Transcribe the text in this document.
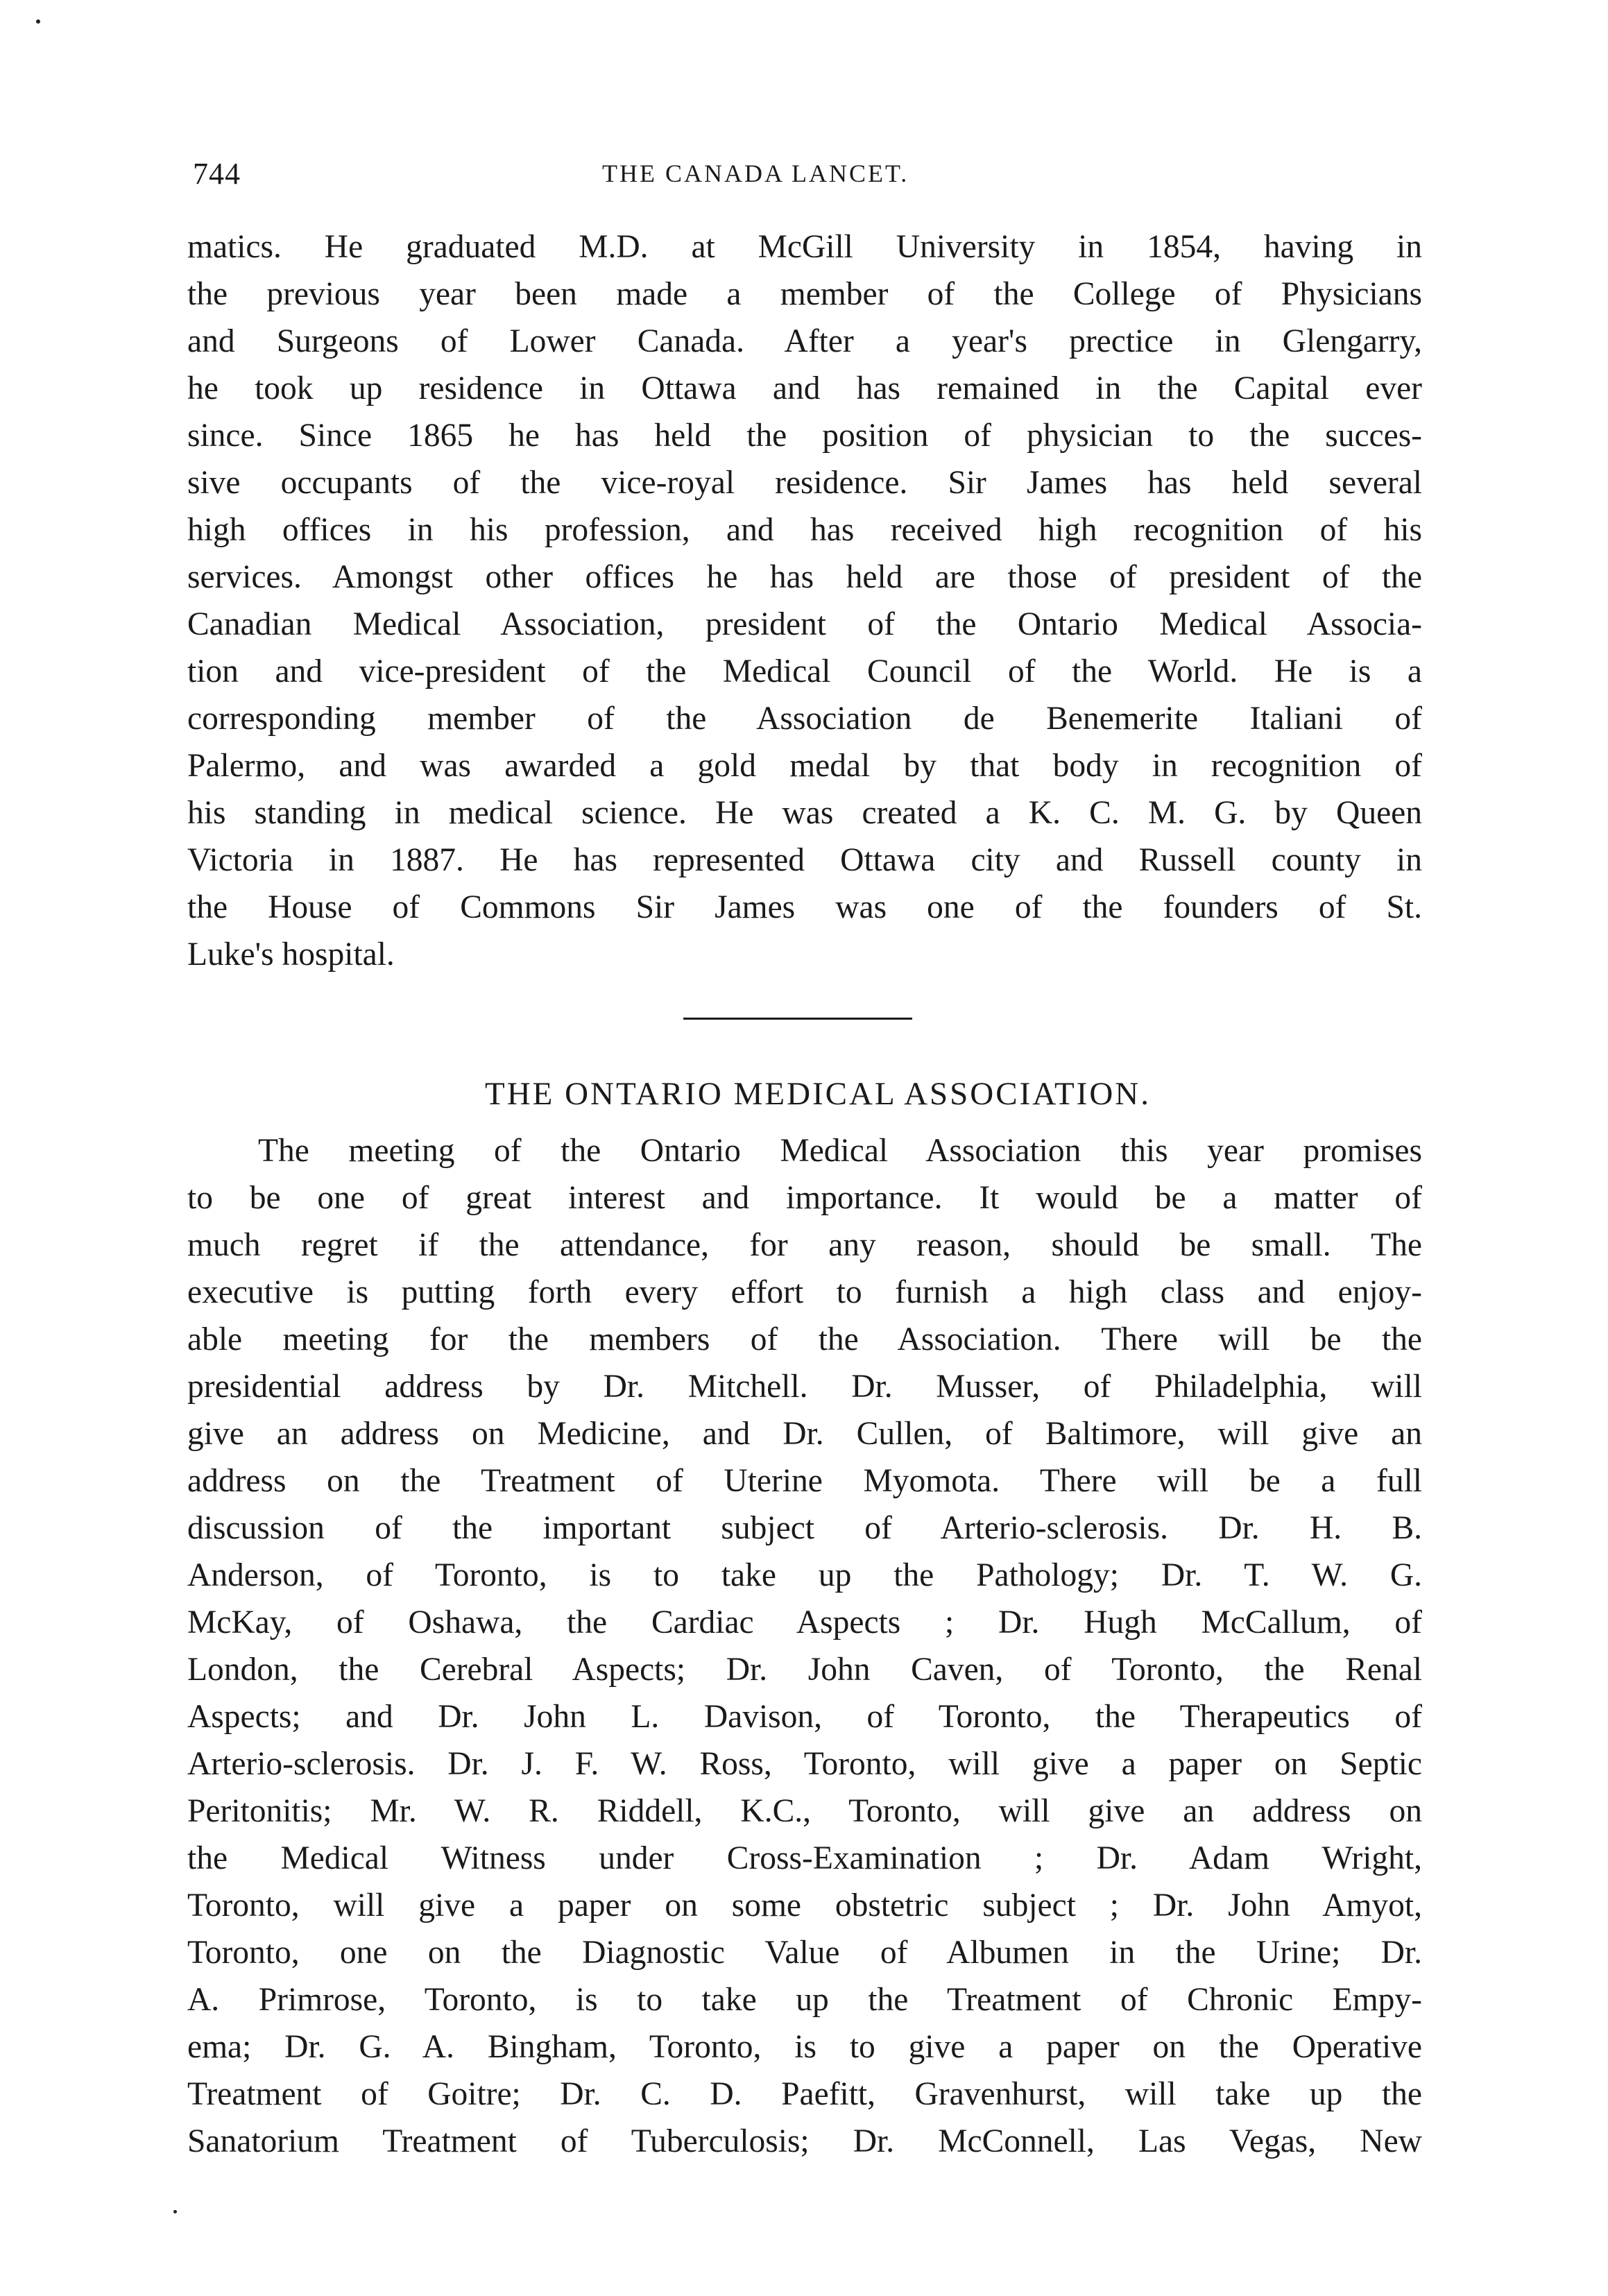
744	THE CANADA LANCET.
matics. He graduated M.D. at McGill University in 1854, having in
the previous year been made a member of the College of Physicians
and Surgeons of Lower Canada. After a year's prectice in Glengarry,
he took up residence in Ottawa and has remained in the Capital ever
since. Since 1865 he has held the position of physician to the succes-
sive occupants of the vice-royal residence. Sir James has held several
high offices in his profession, and has received high recognition of his
services. Amongst other offices he has held are those of president of the
Canadian Medical Association, president of the Ontario Medical Associa-
tion and vice-president of the Medical Council of the World. He is a
corresponding member of the Association de Benemerite Italiani of
Palermo, and was awarded a gold medal by that body in recognition of
his standing in medical science. He was created a K. C. M. G. by Queen
Victoria in 1887. He has represented Ottawa city and Russell county in
the House of Commons Sir James was one of the founders of St.
Luke's hospital.
THE ONTARIO MEDICAL ASSOCIATION.
The meeting of the Ontario Medical Association this year promises
to be one of great interest and importance. It would be a matter of
much regret if the attendance, for any reason, should be small. The
executive is putting forth every effort to furnish a high class and enjoy-
able meeting for the members of the Association. There will be the
presidential address by Dr. Mitchell. Dr. Musser, of Philadelphia, will
give an address on Medicine, and Dr. Cullen, of Baltimore, will give an
address on the Treatment of Uterine Myomota. There will be a full
discussion of the important subject of Arterio-sclerosis. Dr. H. B.
Anderson, of Toronto, is to take up the Pathology; Dr. T. W. G.
McKay, of Oshawa, the Cardiac Aspects ; Dr. Hugh McCallum, of
London, the Cerebral Aspects; Dr. John Caven, of Toronto, the Renal
Aspects; and Dr. John L. Davison, of Toronto, the Therapeutics of
Arterio-sclerosis. Dr. J. F. W. Ross, Toronto, will give a paper on Septic
Peritonitis; Mr. W. R. Riddell, K.C., Toronto, will give an address on
the Medical Witness under Cross-Examination ; Dr. Adam Wright,
Toronto, will give a paper on some obstetric subject ; Dr. John Amyot,
Toronto, one on the Diagnostic Value of Albumen in the Urine; Dr.
A. Primrose, Toronto, is to take up the Treatment of Chronic Empy-
ema; Dr. G. A. Bingham, Toronto, is to give a paper on the Operative
Treatment of Goitre; Dr. C. D. Paefitt, Gravenhurst, will take up the
Sanatorium Treatment of Tuberculosis; Dr. McConnell, Las Vegas, New
